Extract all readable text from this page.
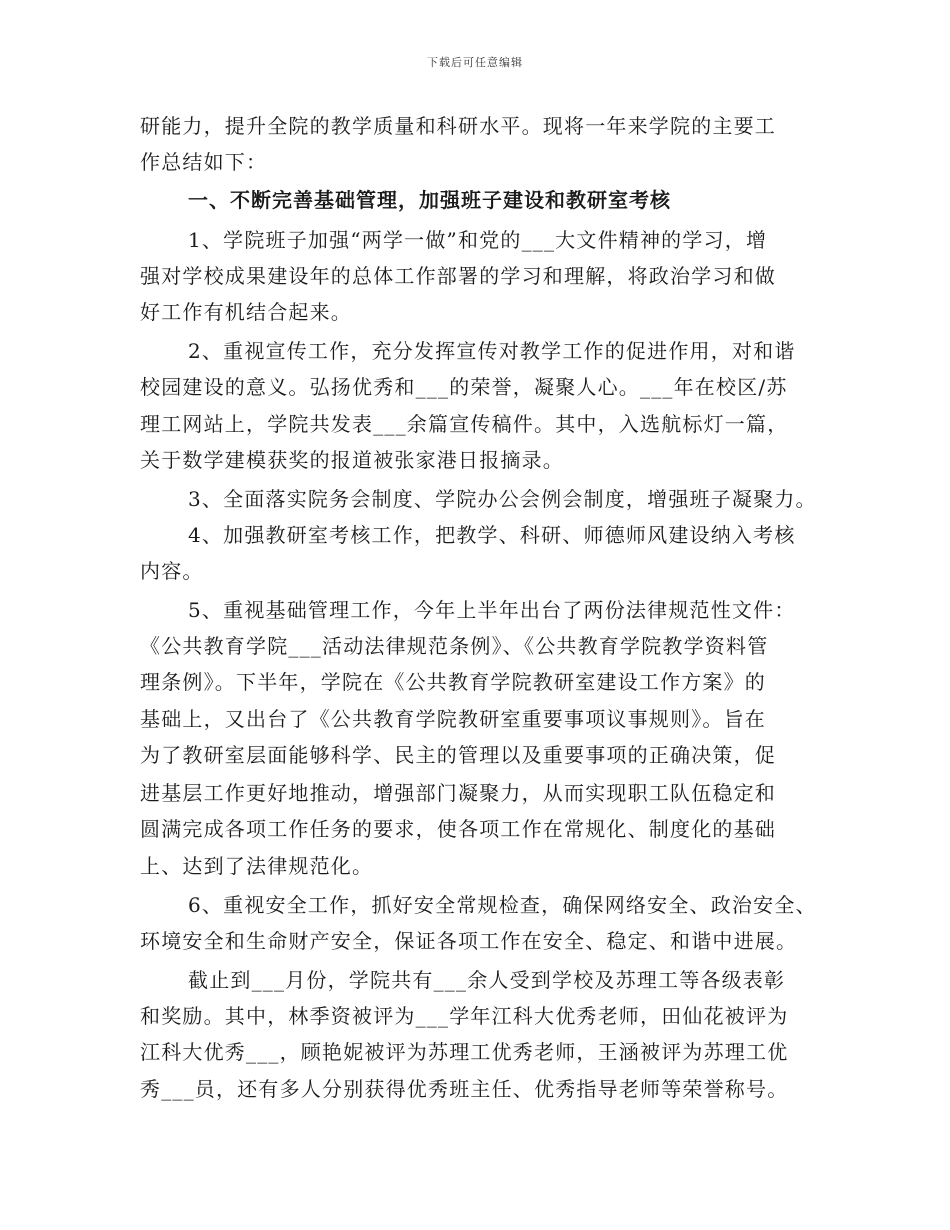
下载后可任意编辑
研能力，提升全院的教学质量和科研水平。现将一年来学院的主要工
作总结如下：
一、不断完善基础管理，加强班子建设和教研室考核
1、学院班子加强“两学一做”和党的___大文件精神的学习，增
强对学校成果建设年的总体工作部署的学习和理解，将政治学习和做
好工作有机结合起来。
2、重视宣传工作，充分发挥宣传对教学工作的促进作用，对和谐
校园建设的意义。弘扬优秀和___的荣誉，凝聚人心。___年在校区/苏
理工网站上，学院共发表___余篇宣传稿件。其中，入选航标灯一篇，
关于数学建模获奖的报道被张家港日报摘录。
3、全面落实院务会制度、学院办公会例会制度，增强班子凝聚力。
4、加强教研室考核工作，把教学、科研、师德师风建设纳入考核
内容。
5、重视基础管理工作，今年上半年出台了两份法律规范性文件：
《公共教育学院___活动法律规范条例》、《公共教育学院教学资料管
理条例》。下半年，学院在《公共教育学院教研室建设工作方案》的
基础上，又出台了《公共教育学院教研室重要事项议事规则》。旨在
为了教研室层面能够科学、民主的管理以及重要事项的正确决策，促
进基层工作更好地推动，增强部门凝聚力，从而实现职工队伍稳定和
圆满完成各项工作任务的要求，使各项工作在常规化、制度化的基础
上、达到了法律规范化。
6、重视安全工作，抓好安全常规检查，确保网络安全、政治安全、
环境安全和生命财产安全，保证各项工作在安全、稳定、和谐中进展。
截止到___月份，学院共有___余人受到学校及苏理工等各级表彰
和奖励。其中，林季资被评为___学年江科大优秀老师，田仙花被评为
江科大优秀___，顾艳妮被评为苏理工优秀老师，王涵被评为苏理工优
秀___员，还有多人分别获得优秀班主任、优秀指导老师等荣誉称号。
